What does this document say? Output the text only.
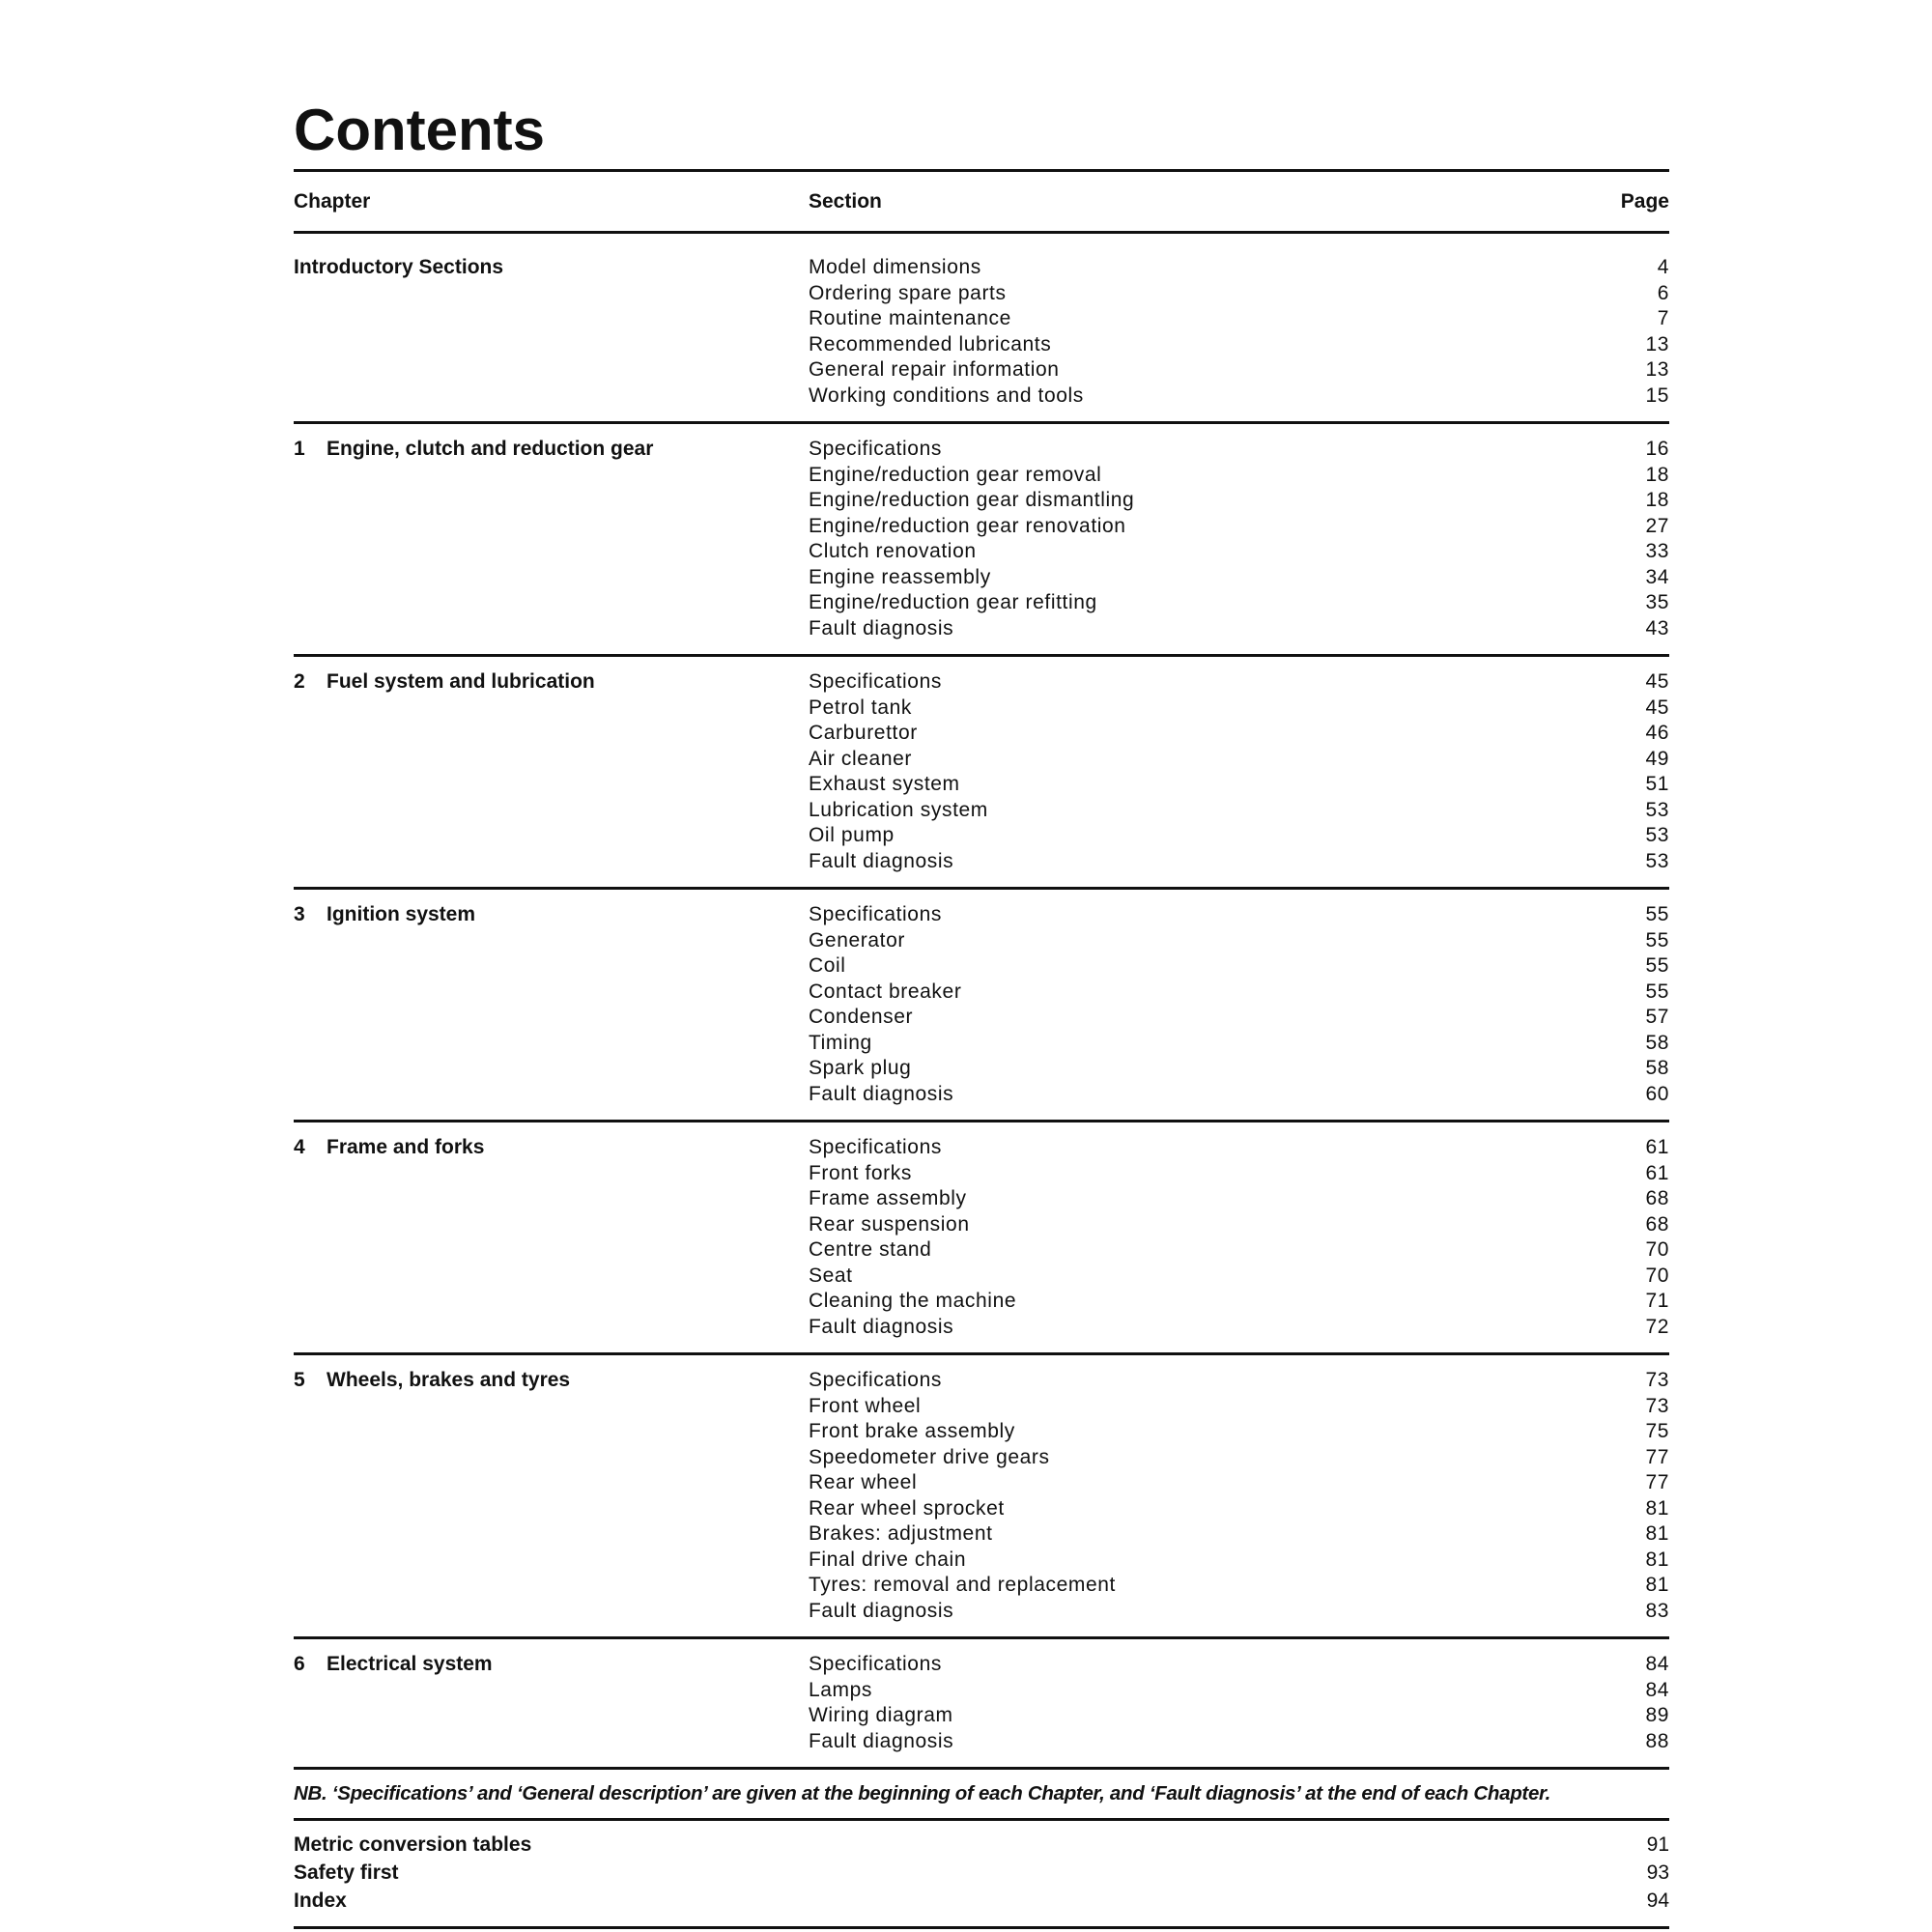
Contents
Chapter	Section	Page
Introductory Sections	Model dimensions	4
Ordering spare parts	6
Routine maintenance	7
Recommended lubricants	13
General repair information	13
Working conditions and tools	15
1 Engine, clutch and reduction gear	Specifications	16
Engine/reduction gear removal	18
Engine/reduction gear dismantling	18
Engine/reduction gear renovation	27
Clutch renovation	33
Engine reassembly	34
Engine/reduction gear refitting	35
Fault diagnosis	43
2 Fuel system and lubrication	Specifications	45
Petrol tank	45
Carburettor	46
Air cleaner	49
Exhaust system	51
Lubrication system	53
Oil pump	53
Fault diagnosis	53
3 Ignition system	Specifications	55
Generator	55
Coil	55
Contact breaker	55
Condenser	57
Timing	58
Spark plug	58
Fault diagnosis	60
4 Frame and forks	Specifications	61
Front forks	61
Frame assembly	68
Rear suspension	68
Centre stand	70
Seat	70
Cleaning the machine	71
Fault diagnosis	72
5 Wheels, brakes and tyres	Specifications	73
Front wheel	73
Front brake assembly	75
Speedometer drive gears	77
Rear wheel	77
Rear wheel sprocket	81
Brakes: adjustment	81
Final drive chain	81
Tyres: removal and replacement	81
Fault diagnosis	83
6 Electrical system	Specifications	84
Lamps	84
Wiring diagram	89
Fault diagnosis	88
NB. ‘Specifications’ and ‘General description’ are given at the beginning of each Chapter, and ‘Fault diagnosis’ at the end of each Chapter.
Metric conversion tables	91
Safety first	93
Index	94
